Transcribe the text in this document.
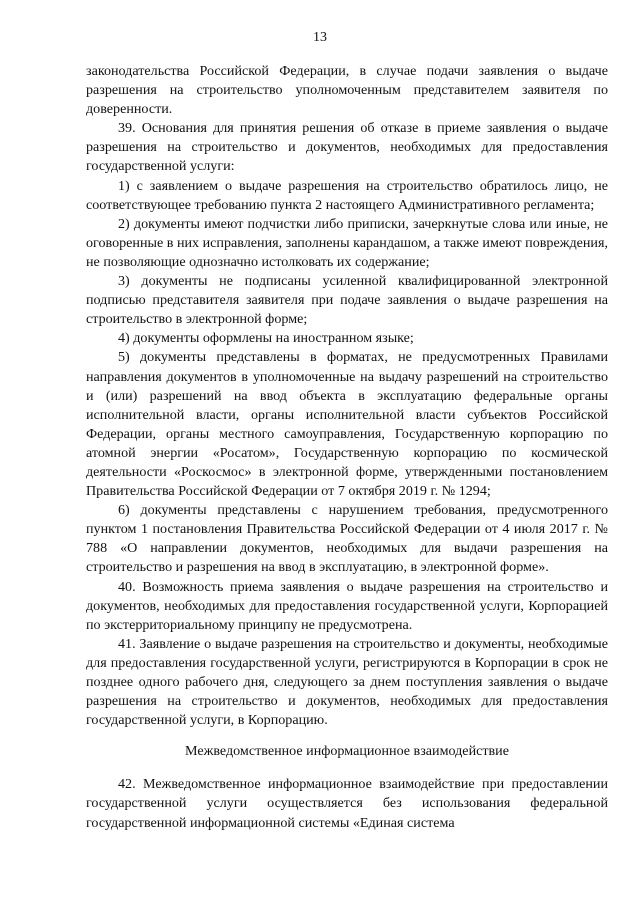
13

законодательства Российской Федерации, в случае подачи заявления о выдаче разрешения на строительство уполномоченным представителем заявителя по доверенности.

39. Основания для принятия решения об отказе в приеме заявления о выдаче разрешения на строительство и документов, необходимых для предоставления государственной услуги:

1) с заявлением о выдаче разрешения на строительство обратилось лицо, не соответствующее требованию пункта 2 настоящего Административного регламента;

2) документы имеют подчистки либо приписки, зачеркнутые слова или иные, не оговоренные в них исправления, заполнены карандашом, а также имеют повреждения, не позволяющие однозначно истолковать их содержание;

3) документы не подписаны усиленной квалифицированной электронной подписью представителя заявителя при подаче заявления о выдаче разрешения на строительство в электронной форме;

4) документы оформлены на иностранном языке;

5) документы представлены в форматах, не предусмотренных Правилами направления документов в уполномоченные на выдачу разрешений на строительство и (или) разрешений на ввод объекта в эксплуатацию федеральные органы исполнительной власти, органы исполнительной власти субъектов Российской Федерации, органы местного самоуправления, Государственную корпорацию по атомной энергии «Росатом», Государственную корпорацию по космической деятельности «Роскосмос» в электронной форме, утвержденными постановлением Правительства Российской Федерации от 7 октября 2019 г. № 1294;

6) документы представлены с нарушением требования, предусмотренного пунктом 1 постановления Правительства Российской Федерации от 4 июля 2017 г. № 788 «О направлении документов, необходимых для выдачи разрешения на строительство и разрешения на ввод в эксплуатацию, в электронной форме».

40. Возможность приема заявления о выдаче разрешения на строительство и документов, необходимых для предоставления государственной услуги, Корпорацией по экстерриториальному принципу не предусмотрена.

41. Заявление о выдаче разрешения на строительство и документы, необходимые для предоставления государственной услуги, регистрируются в Корпорации в срок не позднее одного рабочего дня, следующего за днем поступления заявления о выдаче разрешения на строительство и документов, необходимых для предоставления государственной услуги, в Корпорацию.

Межведомственное информационное взаимодействие

42. Межведомственное информационное взаимодействие при предоставлении государственной услуги осуществляется без использования федеральной государственной информационной системы «Единая система
